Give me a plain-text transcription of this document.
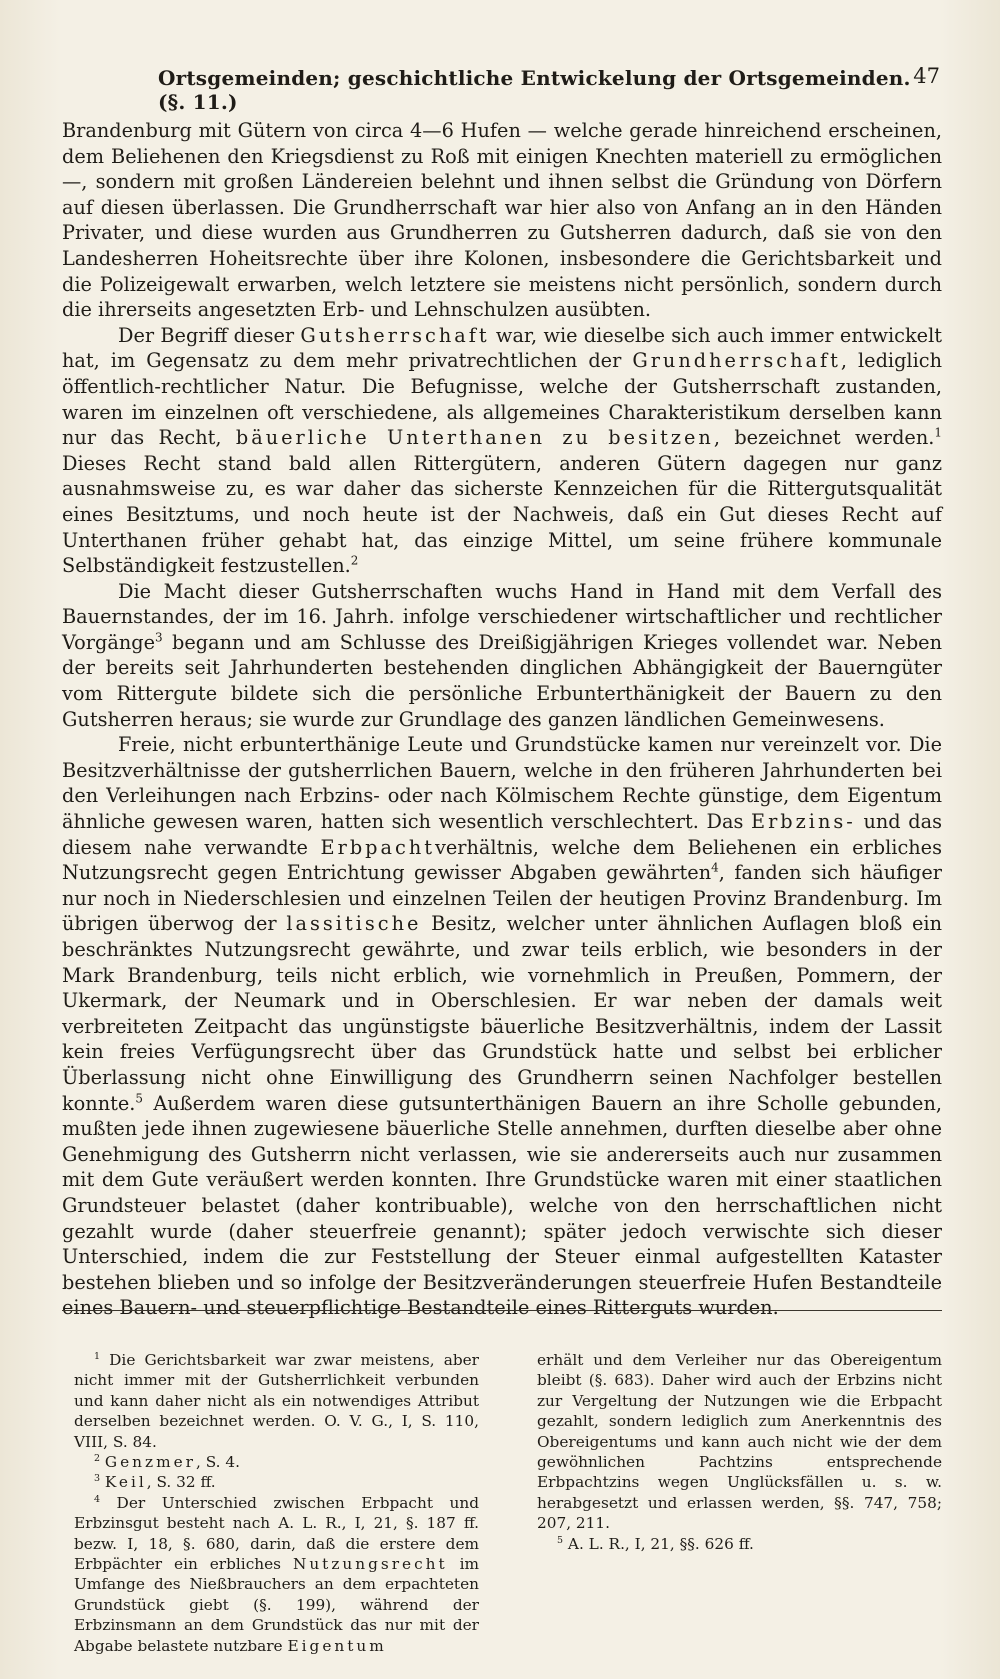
Ortsgemeinden; geschichtliche Entwickelung der Ortsgemeinden. (§. 11.)
47

Brandenburg mit Gütern von circa 4—6 Hufen — welche gerade hinreichend erscheinen, dem Beliehenen den Kriegsdienst zu Roß mit einigen Knechten materiell zu ermöglichen —, sondern mit großen Ländereien belehnt und ihnen selbst die Gründung von Dörfern auf diesen überlassen. Die Grundherrschaft war hier also von Anfang an in den Händen Privater, und diese wurden aus Grundherren zu Gutsherren dadurch, daß sie von den Landesherren Hoheitsrechte über ihre Kolonen, insbesondere die Gerichtsbarkeit und die Polizeigewalt erwarben, welch letztere sie meistens nicht persönlich, sondern durch die ihrerseits angesetzten Erb- und Lehnschulzen ausübten.

Der Begriff dieser Gutsherrschaft war, wie dieselbe sich auch immer entwickelt hat, im Gegensatz zu dem mehr privatrechtlichen der Grundherrschaft, lediglich öffentlich-rechtlicher Natur. Die Befugnisse, welche der Gutsherrschaft zustanden, waren im einzelnen oft verschiedene, als allgemeines Charakteristikum derselben kann nur das Recht, bäuerliche Unterthanen zu besitzen, bezeichnet werden.$^1$ Dieses Recht stand bald allen Rittergütern, anderen Gütern dagegen nur ganz ausnahmsweise zu, es war daher das sicherste Kennzeichen für die Rittergutsqualität eines Besitztums, und noch heute ist der Nachweis, daß ein Gut dieses Recht auf Unterthanen früher gehabt hat, das einzige Mittel, um seine frühere kommunale Selbständigkeit festzustellen.$^2$

Die Macht dieser Gutsherrschaften wuchs Hand in Hand mit dem Verfall des Bauernstandes, der im 16. Jahrh. infolge verschiedener wirtschaftlicher und rechtlicher Vorgänge$^3$ begann und am Schlusse des Dreißigjährigen Krieges vollendet war. Neben der bereits seit Jahrhunderten bestehenden dinglichen Abhängigkeit der Bauerngüter vom Rittergute bildete sich die persönliche Erbunterthänigkeit der Bauern zu den Gutsherren heraus; sie wurde zur Grundlage des ganzen ländlichen Gemeinwesens.

Freie, nicht erbunterthänige Leute und Grundstücke kamen nur vereinzelt vor. Die Besitzverhältnisse der gutsherrlichen Bauern, welche in den früheren Jahrhunderten bei den Verleihungen nach Erbzins- oder nach Kölmischem Rechte günstige, dem Eigentum ähnliche gewesen waren, hatten sich wesentlich verschlechtert. Das Erbzins- und das diesem nahe verwandte Erbpachtverhältnis, welche dem Beliehenen ein erbliches Nutzungsrecht gegen Entrichtung gewisser Abgaben gewährten$^4$, fanden sich häufiger nur noch in Niederschlesien und einzelnen Teilen der heutigen Provinz Brandenburg. Im übrigen überwog der lassitische Besitz, welcher unter ähnlichen Auflagen bloß ein beschränktes Nutzungsrecht gewährte, und zwar teils erblich, wie besonders in der Mark Brandenburg, teils nicht erblich, wie vornehmlich in Preußen, Pommern, der Ukermark, der Neumark und in Oberschlesien. Er war neben der damals weit verbreiteten Zeitpacht das ungünstigste bäuerliche Besitzverhältnis, indem der Lassit kein freies Verfügungsrecht über das Grundstück hatte und selbst bei erblicher Überlassung nicht ohne Einwilligung des Grundherrn seinen Nachfolger bestellen konnte.$^5$ Außerdem waren diese gutsunterthänigen Bauern an ihre Scholle gebunden, mußten jede ihnen zugewiesene bäuerliche Stelle annehmen, durften dieselbe aber ohne Genehmigung des Gutsherrn nicht verlassen, wie sie andererseits auch nur zusammen mit dem Gute veräußert werden konnten. Ihre Grundstücke waren mit einer staatlichen Grundsteuer belastet (daher kontribuable), welche von den herrschaftlichen nicht gezahlt wurde (daher steuerfreie genannt); später jedoch verwischte sich dieser Unterschied, indem die zur Feststellung der Steuer einmal aufgestellten Kataster bestehen blieben und so infolge der Besitzveränderungen steuerfreie Hufen Bestandteile eines Bauern- und steuerpflichtige Bestandteile eines Ritterguts wurden.

$^1$ Die Gerichtsbarkeit war zwar meistens, aber nicht immer mit der Gutsherrlichkeit verbunden und kann daher nicht als ein notwendiges Attribut derselben bezeichnet werden. O. V. G., I, S. 110, VIII, S. 84.

$^2$ Genzmer, S. 4.

$^3$ Keil, S. 32 ff.

$^4$ Der Unterschied zwischen Erbpacht und Erbzinsgut besteht nach A. L. R., I, 21, §. 187 ff. bezw. I, 18, §. 680, darin, daß die erstere dem Erbpächter ein erbliches Nutzungsrecht im Umfange des Nießbrauchers an dem erpachteten Grundstück giebt (§. 199), während der Erbzinsmann an dem Grundstück das nur mit der Abgabe belastete nutzbare Eigentum

erhält und dem Verleiher nur das Obereigentum bleibt (§. 683). Daher wird auch der Erbzins nicht zur Vergeltung der Nutzungen wie die Erbpacht gezahlt, sondern lediglich zum Anerkenntnis des Obereigentums und kann auch nicht wie der dem gewöhnlichen Pachtzins entsprechende Erbpachtzins wegen Unglücksfällen u. s. w. herabgesetzt und erlassen werden, §§. 747, 758; 207, 211.

$^5$ A. L. R., I, 21, §§. 626 ff.
